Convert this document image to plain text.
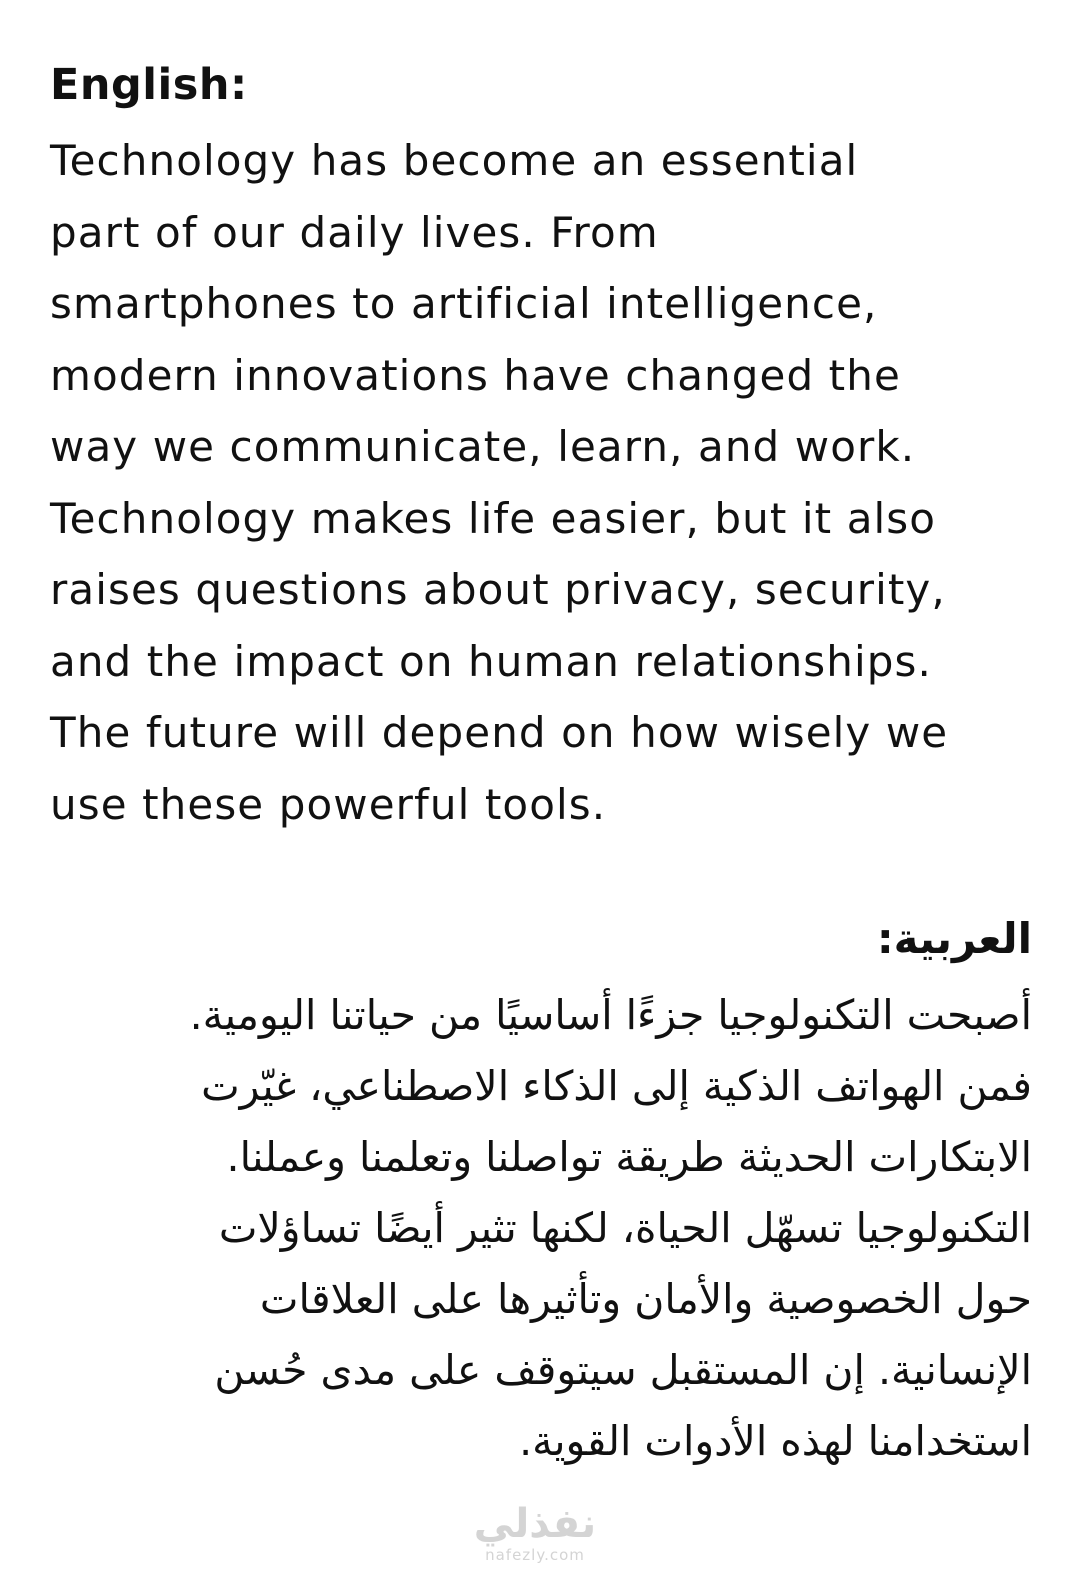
English:
Technology has become an essential
part of our daily lives. From
smartphones to artificial intelligence,
modern innovations have changed the
way we communicate, learn, and work.
Technology makes life easier, but it also
raises questions about privacy, security,
and the impact on human relationships.
The future will depend on how wisely we
use these powerful tools.
العربية:
أصبحت التكنولوجيا جزءًا أساسيًا من حياتنا اليومية.
فمن الهواتف الذكية إلى الذكاء الاصطناعي، غيّرت
الابتكارات الحديثة طريقة تواصلنا وتعلمنا وعملنا.
التكنولوجيا تسهّل الحياة، لكنها تثير أيضًا تساؤلات
حول الخصوصية والأمان وتأثيرها على العلاقات
الإنسانية. إن المستقبل سيتوقف على مدى حُسن
استخدامنا لهذه الأدوات القوية.
نفذلي
nafezly.com
